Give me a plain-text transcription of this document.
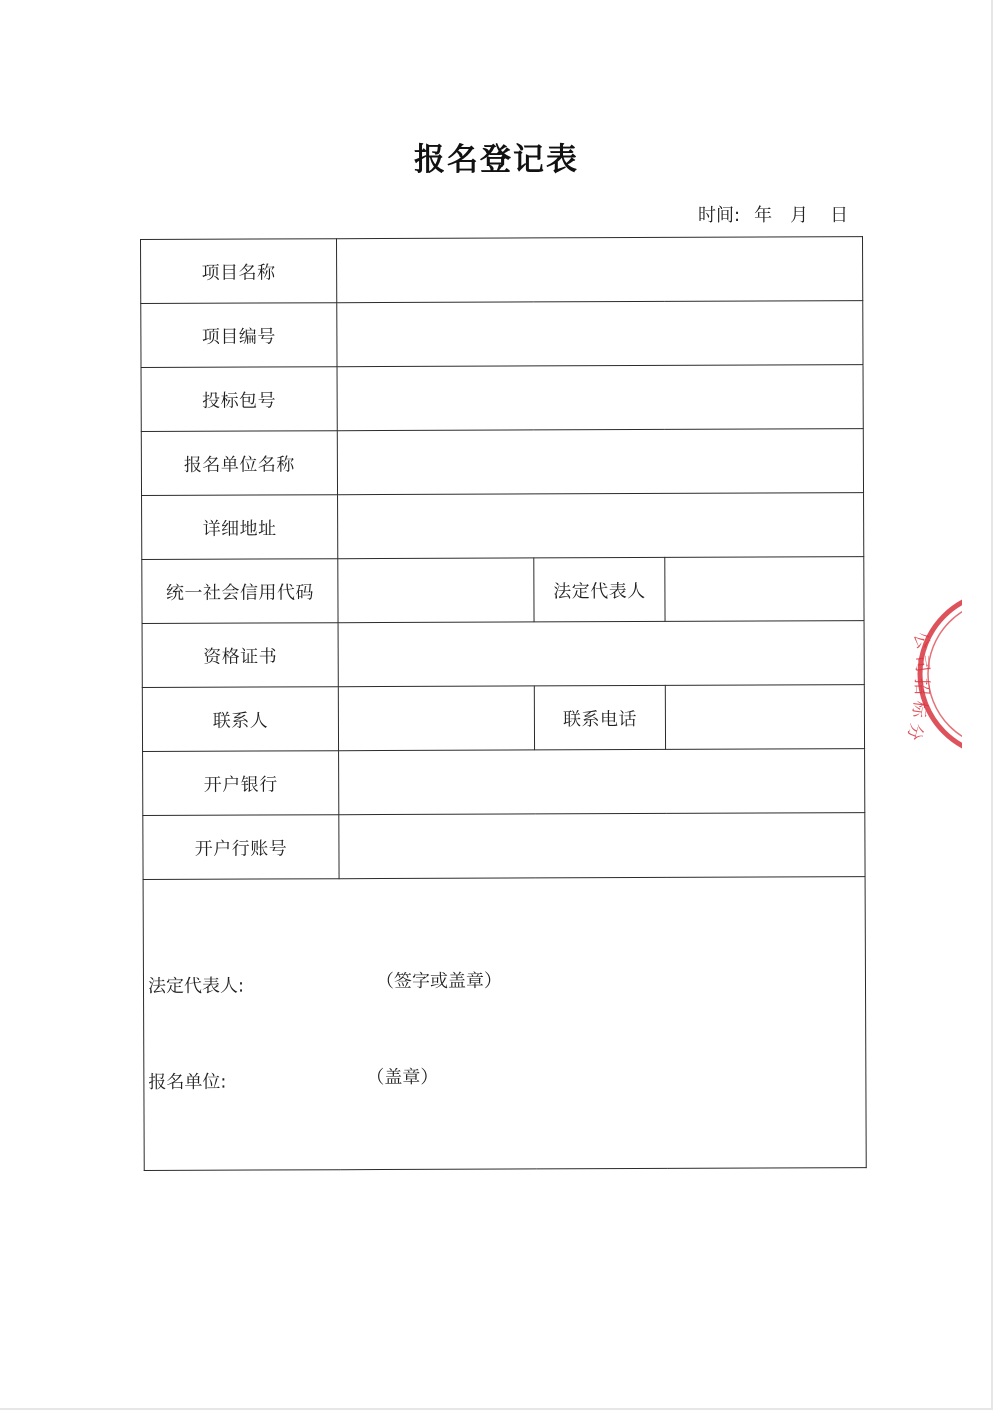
报名登记表
时间: 年 月 日
项目名称			
项目编号			
投标包号			
报名单位名称			
详细地址			
统一社会信用代码		法定代表人	
资格证书			
联系人		联系电话	
开户银行			
开户行账号			

法定代表人: （签字或盖章）
报名单位: （盖章）			
公
司
招
标
分
